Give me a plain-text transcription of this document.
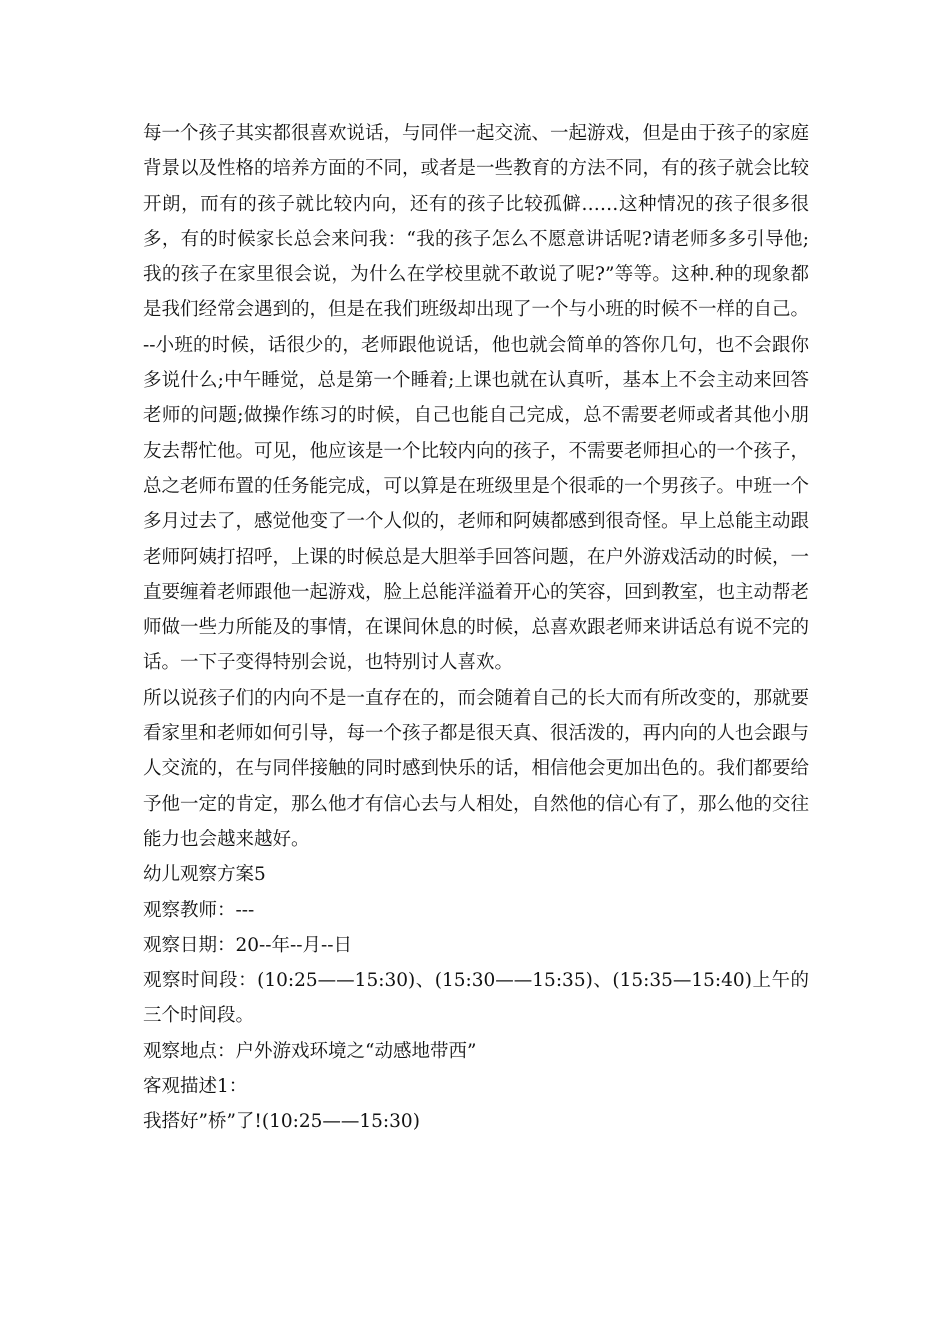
每一个孩子其实都很喜欢说话，与同伴一起交流、一起游戏，但是由于孩子的家庭背景以及性格的培养方面的不同，或者是一些教育的方法不同，有的孩子就会比较开朗，而有的孩子就比较内向，还有的孩子比较孤僻……这种情况的孩子很多很多，有的时候家长总会来问我：“我的孩子怎么不愿意讲话呢?请老师多多引导他;我的孩子在家里很会说，为什么在学校里就不敢说了呢?”等等。这种.种的现象都是我们经常会遇到的，但是在我们班级却出现了一个与小班的时候不一样的自己。

--小班的时候，话很少的，老师跟他说话，他也就会简单的答你几句，也不会跟你多说什么;中午睡觉，总是第一个睡着;上课也就在认真听，基本上不会主动来回答老师的问题;做操作练习的时候，自己也能自己完成，总不需要老师或者其他小朋友去帮忙他。可见，他应该是一个比较内向的孩子，不需要老师担心的一个孩子，总之老师布置的任务能完成，可以算是在班级里是个很乖的一个男孩子。中班一个多月过去了，感觉他变了一个人似的，老师和阿姨都感到很奇怪。早上总能主动跟老师阿姨打招呼，上课的时候总是大胆举手回答问题，在户外游戏活动的时候，一直要缠着老师跟他一起游戏，脸上总能洋溢着开心的笑容，回到教室，也主动帮老师做一些力所能及的事情，在课间休息的时候，总喜欢跟老师来讲话总有说不完的话。一下子变得特别会说，也特别讨人喜欢。

所以说孩子们的内向不是一直存在的，而会随着自己的长大而有所改变的，那就要看家里和老师如何引导，每一个孩子都是很天真、很活泼的，再内向的人也会跟与人交流的，在与同伴接触的同时感到快乐的话，相信他会更加出色的。我们都要给予他一定的肯定，那么他才有信心去与人相处，自然他的信心有了，那么他的交往能力也会越来越好。

幼儿观察方案5

观察教师：---

观察日期：20--年--月--日

观察时间段：(10:25——15:30)、(15:30——15:35)、(15:35—15:40)上午的三个时间段。

观察地点：户外游戏环境之“动感地带西”

客观描述1：

我搭好”桥”了!(10:25——15:30)
